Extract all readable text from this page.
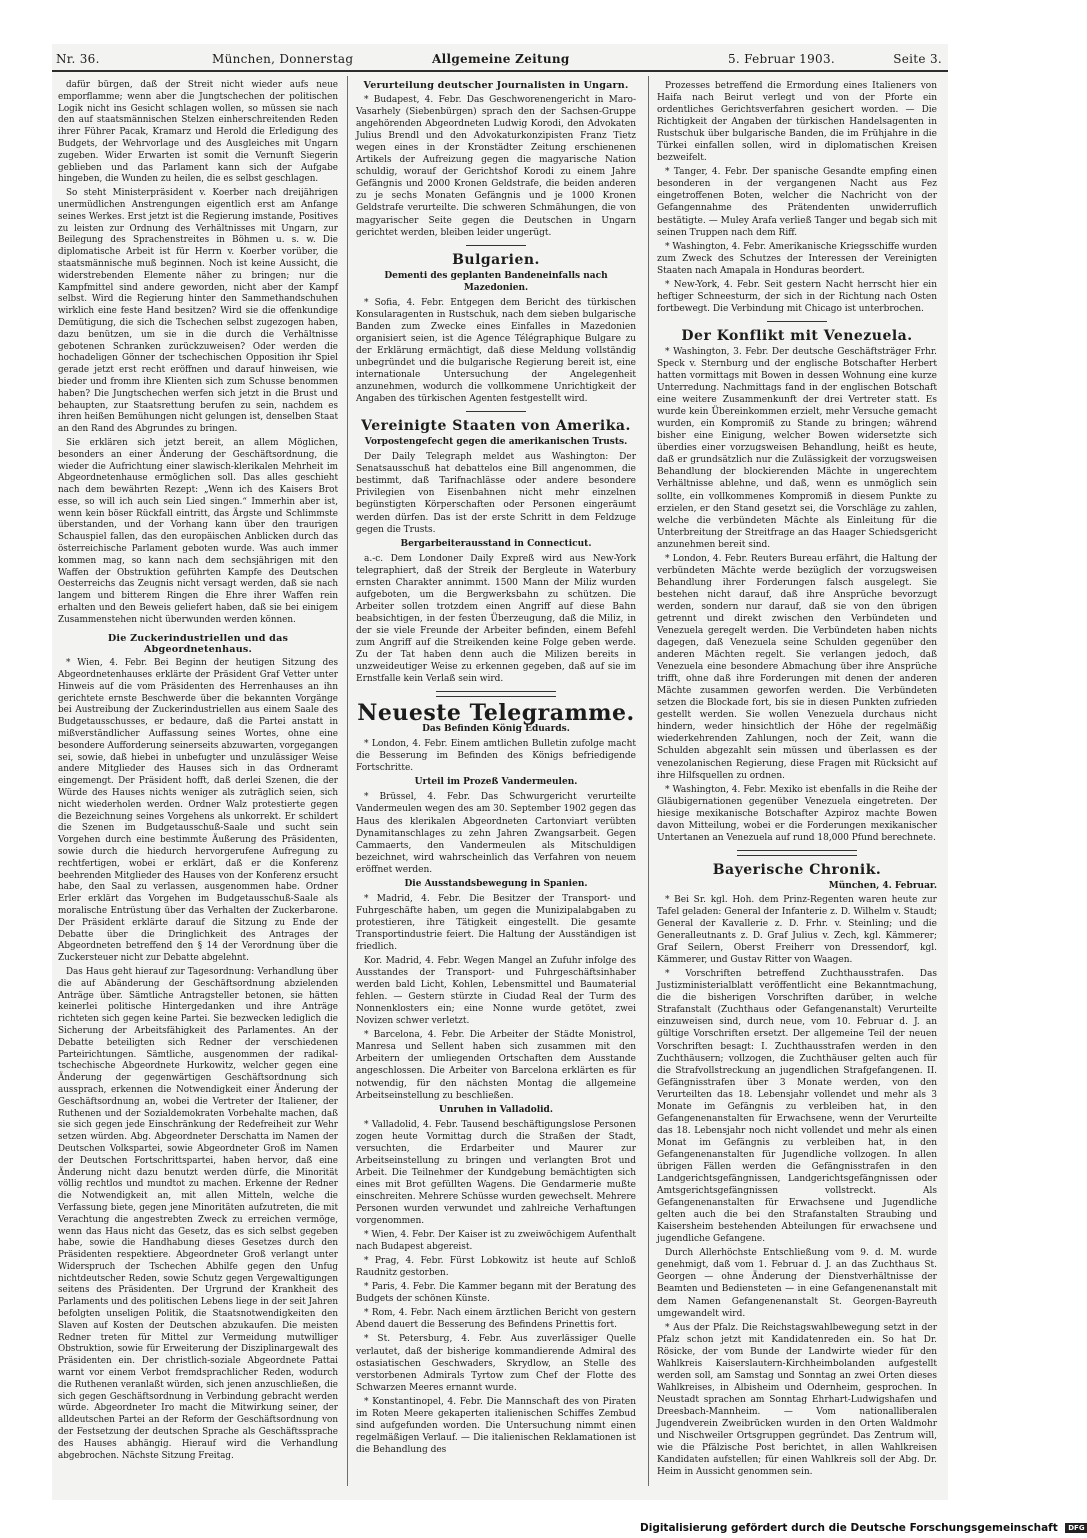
Nr. 36.	München, Donnerstag	Allgemeine Zeitung	5. Februar 1903.	Seite 3.

dafür bürgen, daß der Streit nicht wieder aufs neue emporflamme; wenn aber die Jungtschechen der politischen Logik nicht ins Gesicht schlagen wollen, so müssen sie nach den auf staatsmännischen Stelzen einherschreitenden Reden ihrer Führer Pacak, Kramarz und Herold die Erledigung des Budgets, der Wehrvorlage und des Ausgleiches mit Ungarn zugeben. Wider Erwarten ist somit die Vernunft Siegerin geblieben und das Parlament kann sich der Aufgabe hingeben, die Wunden zu heilen, die es selbst geschlagen.

So steht Ministerpräsident v. Koerber nach dreijährigen unermüdlichen Anstrengungen eigentlich erst am Anfange seines Werkes. Erst jetzt ist die Regierung imstande, Positives zu leisten zur Ordnung des Verhältnisses mit Ungarn, zur Beilegung des Sprachenstreites in Böhmen u. s. w. Die diplomatische Arbeit ist für Herrn v. Koerber vorüber, die staatsmännische muß beginnen. Noch ist keine Aussicht, die widerstrebenden Elemente näher zu bringen; nur die Kampfmittel sind andere geworden, nicht aber der Kampf selbst. Wird die Regierung hinter den Sammethandschuhen wirklich eine feste Hand besitzen? Wird sie die offenkundige Demütigung, die sich die Tschechen selbst zugezogen haben, dazu benützen, um sie in die durch die Verhältnisse gebotenen Schranken zurückzuweisen? Oder werden die hochadeligen Gönner der tschechischen Opposition ihr Spiel gerade jetzt erst recht eröffnen und darauf hinweisen, wie bieder und fromm ihre Klienten sich zum Schusse benommen haben? Die Jungtschechen werfen sich jetzt in die Brust und behaupten, zur Staatsrettung berufen zu sein, nachdem es ihren heißen Bemühungen nicht gelungen ist, denselben Staat an den Rand des Abgrundes zu bringen.

Sie erklären sich jetzt bereit, an allem Möglichen, besonders an einer Änderung der Geschäftsordnung, die wieder die Aufrichtung einer slawisch-klerikalen Mehrheit im Abgeordnetenhause ermöglichen soll. Das alles geschieht nach dem bewährten Rezept: „Wenn ich des Kaisers Brot esse, so will ich auch sein Lied singen.“ Immerhin aber ist, wenn kein böser Rückfall eintritt, das Ärgste und Schlimmste überstanden, und der Vorhang kann über den traurigen Schauspiel fallen, das den europäischen Anblicken durch das österreichische Parlament geboten wurde. Was auch immer kommen mag, so kann nach dem sechsjährigen mit den Waffen der Obstruktion geführten Kampfe des Deutschen Oesterreichs das Zeugnis nicht versagt werden, daß sie nach langem und bitterem Ringen die Ehre ihrer Waffen rein erhalten und den Beweis geliefert haben, daß sie bei einigem Zusammenstehen nicht überwunden werden können.

Die Zuckerindustriellen und das Abgeordnetenhaus.

* Wien, 4. Febr. Bei Beginn der heutigen Sitzung des Abgeordnetenhauses erklärte der Präsident Graf Vetter unter Hinweis auf die vom Präsidenten des Herrenhauses an ihn gerichtete ernste Beschwerde über die bekannten Vorgänge bei Austreibung der Zuckerindustriellen aus einem Saale des Budgetausschusses, er bedaure, daß die Partei anstatt in mißverständlicher Auffassung seines Wortes, ohne eine besondere Aufforderung seinerseits abzuwarten, vorgegangen sei, sowie, daß hiebei in unbefugter und unzulässiger Weise andere Mitglieder des Hauses sich in das Ordneramt eingemengt. Der Präsident hofft, daß derlei Szenen, die der Würde des Hauses nichts weniger als zuträglich seien, sich nicht wiederholen werden. Ordner Walz protestierte gegen die Bezeichnung seines Vorgehens als unkorrekt. Er schildert die Szenen im Budgetausschuß-Saale und sucht sein Vorgehen durch eine bestimmte Äußerung des Präsidenten, sowie durch die hiedurch hervorgerufene Aufregung zu rechtfertigen, wobei er erklärt, daß er die Konferenz beehrenden Mitglieder des Hauses von der Konferenz ersucht habe, den Saal zu verlassen, ausgenommen habe. Ordner Erler erklärt das Vorgehen im Budgetausschuß-Saale als moralische Entrüstung über das Verhalten der Zuckerbarone. Der Präsident erklärte darauf die Sitzung zu Ende der Debatte über die Dringlichkeit des Antrages der Abgeordneten betreffend den § 14 der Verordnung über die Zuckersteuer nicht zur Debatte abgelehnt.

Das Haus geht hierauf zur Tagesordnung: Verhandlung über die auf Abänderung der Geschäftsordnung abzielenden Anträge über. Sämtliche Antragsteller betonen, sie hätten keinerlei politische Hintergedanken und ihre Anträge richteten sich gegen keine Partei. Sie bezwecken lediglich die Sicherung der Arbeitsfähigkeit des Parlamentes. An der Debatte beteiligten sich Redner der verschiedenen Parteirichtungen. Sämtliche, ausgenommen der radikal-tschechische Abgeordnete Hurkowitz, welcher gegen eine Änderung der gegenwärtigen Geschäftsordnung sich aussprach, erkennen die Notwendigkeit einer Änderung der Geschäftsordnung an, wobei die Vertreter der Italiener, der Ruthenen und der Sozialdemokraten Vorbehalte machen, daß sie sich gegen jede Einschränkung der Redefreiheit zur Wehr setzen würden. Abg. Abgeordneter Derschatta im Namen der Deutschen Volkspartei, sowie Abgeordneter Groß im Namen der Deutschen Fortschrittspartei, haben hervor, daß eine Änderung nicht dazu benutzt werden dürfe, die Minorität völlig rechtlos und mundtot zu machen. Erkenne der Redner die Notwendigkeit an, mit allen Mitteln, welche die Verfassung biete, gegen jene Minoritäten aufzutreten, die mit Verachtung die angestrebten Zweck zu erreichen vermöge, wenn das Haus nicht das Gesetz, das es sich selbst gegeben habe, sowie die Handhabung dieses Gesetzes durch den Präsidenten respektiere. Abgeordneter Groß verlangt unter Widerspruch der Tschechen Abhilfe gegen den Unfug nichtdeutscher Reden, sowie Schutz gegen Vergewaltigungen seitens des Präsidenten. Der Urgrund der Krankheit des Parlaments und des politischen Lebens liege in der seit Jahren befolgten unseligen Politik, die Staatsnotwendigkeiten den Slaven auf Kosten der Deutschen abzukaufen. Die meisten Redner treten für Mittel zur Vermeidung mutwilliger Obstruktion, sowie für Erweiterung der Disziplinargewalt des Präsidenten ein. Der christlich-soziale Abgeordnete Pattai warnt vor einem Verbot fremdsprachlicher Reden, wodurch die Ruthenen veranlaßt würden, sich jenen anzuschließen, die sich gegen Geschäftsordnung in Verbindung gebracht werden würde. Abgeordneter Iro macht die Mitwirkung seiner, der alldeutschen Partei an der Reform der Geschäftsordnung von der Festsetzung der deutschen Sprache als Geschäftssprache des Hauses abhängig. Hierauf wird die Verhandlung abgebrochen. Nächste Sitzung Freitag.

Verurteilung deutscher Journalisten in Ungarn.

* Budapest, 4. Febr. Das Geschworenengericht in Maro-Vasarhely (Siebenbürgen) sprach den der Sachsen-Gruppe angehörenden Abgeordneten Ludwig Korodi, den Advokaten Julius Brendl und den Advokaturkonzipisten Franz Tietz wegen eines in der Kronstädter Zeitung erschienenen Artikels der Aufreizung gegen die magyarische Nation schuldig, worauf der Gerichtshof Korodi zu einem Jahre Gefängnis und 2000 Kronen Geldstrafe, die beiden anderen zu je sechs Monaten Gefängnis und je 1000 Kronen Geldstrafe verurteilte. Die schweren Schmähungen, die von magyarischer Seite gegen die Deutschen in Ungarn gerichtet werden, bleiben leider ungerügt.

Bulgarien.
Dementi des geplanten Bandeneinfalls nach Mazedonien.

* Sofia, 4. Febr. Entgegen dem Bericht des türkischen Konsularagenten in Rustschuk, nach dem sieben bulgarische Banden zum Zwecke eines Einfalles in Mazedonien organisiert seien, ist die Agence Télégraphique Bulgare zu der Erklärung ermächtigt, daß diese Meldung vollständig unbegründet und die bulgarische Regierung bereit ist, eine internationale Untersuchung der Angelegenheit anzunehmen, wodurch die vollkommene Unrichtigkeit der Angaben des türkischen Agenten festgestellt wird.

Vereinigte Staaten von Amerika.
Vorpostengefecht gegen die amerikanischen Trusts.

Der Daily Telegraph meldet aus Washington: Der Senatsausschuß hat debattelos eine Bill angenommen, die bestimmt, daß Tarifnachlässe oder andere besondere Privilegien von Eisenbahnen nicht mehr einzelnen begünstigten Körperschaften oder Personen eingeräumt werden dürfen. Das ist der erste Schritt in dem Feldzuge gegen die Trusts.

Bergarbeiterausstand in Connecticut.

a.-c. Dem Londoner Daily Expreß wird aus New-York telegraphiert, daß der Streik der Bergleute in Waterbury ernsten Charakter annimmt. 1500 Mann der Miliz wurden aufgeboten, um die Bergwerksbahn zu schützen. Die Arbeiter sollen trotzdem einen Angriff auf diese Bahn beabsichtigen, in der festen Überzeugung, daß die Miliz, in der sie viele Freunde der Arbeiter befinden, einem Befehl zum Angriff auf die Streikenden keine Folge geben werde. Zu der Tat haben denn auch die Milizen bereits in unzweideutiger Weise zu erkennen gegeben, daß auf sie im Ernstfalle kein Verlaß sein wird.

Neueste Telegramme.
Das Befinden König Eduards.

* London, 4. Febr. Einem amtlichen Bulletin zufolge macht die Besserung im Befinden des Königs befriedigende Fortschritte.

Urteil im Prozeß Vandermeulen.

* Brüssel, 4. Febr. Das Schwurgericht verurteilte Vandermeulen wegen des am 30. September 1902 gegen das Haus des klerikalen Abgeordneten Cartonviart verübten Dynamitanschlages zu zehn Jahren Zwangsarbeit. Gegen Cammaerts, den Vandermeulen als Mitschuldigen bezeichnet, wird wahrscheinlich das Verfahren von neuem eröffnet werden.

Die Ausstandsbewegung in Spanien.

* Madrid, 4. Febr. Die Besitzer der Transport- und Fuhrgeschäfte haben, um gegen die Munizipalabgaben zu protestieren, ihre Tätigkeit eingestellt. Die gesamte Transportindustrie feiert. Die Haltung der Ausständigen ist friedlich.

Kor. Madrid, 4. Febr. Wegen Mangel an Zufuhr infolge des Ausstandes der Transport- und Fuhrgeschäftsinhaber werden bald Licht, Kohlen, Lebensmittel und Baumaterial fehlen. — Gestern stürzte in Ciudad Real der Turm des Nonnenklosters ein; eine Nonne wurde getötet, zwei Novizen schwer verletzt.

* Barcelona, 4. Febr. Die Arbeiter der Städte Monistrol, Manresa und Sellent haben sich zusammen mit den Arbeitern der umliegenden Ortschaften dem Ausstande angeschlossen. Die Arbeiter von Barcelona erklärten es für notwendig, für den nächsten Montag die allgemeine Arbeitseinstellung zu beschließen.

Unruhen in Valladolid.

* Valladolid, 4. Febr. Tausend beschäftigungslose Personen zogen heute Vormittag durch die Straßen der Stadt, versuchten, die Erdarbeiter und Maurer zur Arbeitseinstellung zu bringen und verlangten Brot und Arbeit. Die Teilnehmer der Kundgebung bemächtigten sich eines mit Brot gefüllten Wagens. Die Gendarmerie mußte einschreiten. Mehrere Schüsse wurden gewechselt. Mehrere Personen wurden verwundet und zahlreiche Verhaftungen vorgenommen.

* Wien, 4. Febr. Der Kaiser ist zu zweiwöchigem Aufenthalt nach Budapest abgereist.

* Prag, 4. Febr. Fürst Lobkowitz ist heute auf Schloß Raudnitz gestorben.

* Paris, 4. Febr. Die Kammer begann mit der Beratung des Budgets der schönen Künste.

* Rom, 4. Febr. Nach einem ärztlichen Bericht von gestern Abend dauert die Besserung des Befindens Prinettis fort.

* St. Petersburg, 4. Febr. Aus zuverlässiger Quelle verlautet, daß der bisherige kommandierende Admiral des ostasiatischen Geschwaders, Skrydlow, an Stelle des verstorbenen Admirals Tyrtow zum Chef der Flotte des Schwarzen Meeres ernannt wurde.

* Konstantinopel, 4. Febr. Die Mannschaft des von Piraten im Roten Meere gekaperten italienischen Schiffes Zembud sind aufgefunden worden. Die Untersuchung nimmt einen regelmäßigen Verlauf. — Die italienischen Reklamationen ist die Behandlung des

Prozesses betreffend die Ermordung eines Italieners von Haifa nach Beirut verlegt und von der Pforte ein ordentliches Gerichtsverfahren gesichert worden. — Die Richtigkeit der Angaben der türkischen Handelsagenten in Rustschuk über bulgarische Banden, die im Frühjahre in die Türkei einfallen sollen, wird in diplomatischen Kreisen bezweifelt.

* Tanger, 4. Febr. Der spanische Gesandte empfing einen besonderen in der vergangenen Nacht aus Fez eingetroffenen Boten, welcher die Nachricht von der Gefangennahme des Prätendenten unwiderruflich bestätigte. — Muley Arafa verließ Tanger und begab sich mit seinen Truppen nach dem Riff.

* Washington, 4. Febr. Amerikanische Kriegsschiffe wurden zum Zweck des Schutzes der Interessen der Vereinigten Staaten nach Amapala in Honduras beordert.

* New-York, 4. Febr. Seit gestern Nacht herrscht hier ein heftiger Schneesturm, der sich in der Richtung nach Osten fortbewegt. Die Verbindung mit Chicago ist unterbrochen.

Der Konflikt mit Venezuela.

* Washington, 3. Febr. Der deutsche Geschäftsträger Frhr. Speck v. Sternburg und der englische Botschafter Herbert hatten vormittags mit Bowen in dessen Wohnung eine kurze Unterredung. Nachmittags fand in der englischen Botschaft eine weitere Zusammenkunft der drei Vertreter statt. Es wurde kein Übereinkommen erzielt, mehr Versuche gemacht wurden, ein Kompromiß zu Stande zu bringen; während bisher eine Einigung, welcher Bowen widersetzte sich überdies einer vorzugsweisen Behandlung, heißt es heute, daß er grundsätzlich nur die Zulässigkeit der vorzugsweisen Behandlung der blockierenden Mächte in ungerechtem Verhältnisse ablehne, und daß, wenn es unmöglich sein sollte, ein vollkommenes Kompromiß in diesem Punkte zu erzielen, er den Stand gesetzt sei, die Vorschläge zu zahlen, welche die verbündeten Mächte als Einleitung für die Unterbreitung der Streitfrage an das Haager Schiedsgericht anzunehmen bereit sind.

* London, 4. Febr. Reuters Bureau erfährt, die Haltung der verbündeten Mächte werde bezüglich der vorzugsweisen Behandlung ihrer Forderungen falsch ausgelegt. Sie bestehen nicht darauf, daß ihre Ansprüche bevorzugt werden, sondern nur darauf, daß sie von den übrigen getrennt und direkt zwischen den Verbündeten und Venezuela geregelt werden. Die Verbündeten haben nichts dagegen, daß Venezuela seine Schulden gegenüber den anderen Mächten regelt. Sie verlangen jedoch, daß Venezuela eine besondere Abmachung über ihre Ansprüche trifft, ohne daß ihre Forderungen mit denen der anderen Mächte zusammen geworfen werden. Die Verbündeten setzen die Blockade fort, bis sie in diesen Punkten zufrieden gestellt werden. Sie wollen Venezuela durchaus nicht hindern, weder hinsichtlich der Höhe der regelmäßig wiederkehrenden Zahlungen, noch der Zeit, wann die Schulden abgezahlt sein müssen und überlassen es der venezolanischen Regierung, diese Fragen mit Rücksicht auf ihre Hilfsquellen zu ordnen.

* Washington, 4. Febr. Mexiko ist ebenfalls in die Reihe der Gläubigernationen gegenüber Venezuela eingetreten. Der hiesige mexikanische Botschafter Azpiroz machte Bowen davon Mitteilung, wobei er die Forderungen mexikanischer Untertanen an Venezuela auf rund 18,000 Pfund berechnete.

Bayerische Chronik.
München, 4. Februar.

* Bei Sr. kgl. Hoh. dem Prinz-Regenten waren heute zur Tafel geladen: General der Infanterie z. D. Wilhelm v. Staudt; General der Kavallerie z. D. Frhr. v. Steinling; und die Generalleutnants z. D. Graf Julius v. Zech, kgl. Kämmerer; Graf Seilern, Oberst Freiherr von Dressendorf, kgl. Kämmerer, und Gustav Ritter von Waagen.

* Vorschriften betreffend Zuchthausstrafen. Das Justizministerialblatt veröffentlicht eine Bekanntmachung, die die bisherigen Vorschriften darüber, in welche Strafanstalt (Zuchthaus oder Gefangenanstalt) Verurteilte einzuweisen sind, durch neue, vom 10. Februar d. J. an gültige Vorschriften ersetzt. Der allgemeine Teil der neuen Vorschriften besagt: I. Zuchthausstrafen werden in den Zuchthäusern; vollzogen, die Zuchthäuser gelten auch für die Strafvollstreckung an jugendlichen Strafgefangenen. II. Gefängnisstrafen über 3 Monate werden, von den Verurteilten das 18. Lebensjahr vollendet und mehr als 3 Monate im Gefängnis zu verbleiben hat, in den Gefangenenanstalten für Erwachsene, wenn der Verurteilte das 18. Lebensjahr noch nicht vollendet und mehr als einen Monat im Gefängnis zu verbleiben hat, in den Gefangenenanstalten für Jugendliche vollzogen. In allen übrigen Fällen werden die Gefängnisstrafen in den Landgerichtsgefängnissen, Landgerichtsgefängnissen oder Amtsgerichtsgefängnissen vollstreckt. Als Gefangenenanstalten für Erwachsene und Jugendliche gelten auch die bei den Strafanstalten Straubing und Kaisersheim bestehenden Abteilungen für erwachsene und jugendliche Gefangene.

Durch Allerhöchste Entschließung vom 9. d. M. wurde genehmigt, daß vom 1. Februar d. J. an das Zuchthaus St. Georgen — ohne Änderung der Dienstverhältnisse der Beamten und Bediensteten — in eine Gefangenenanstalt mit dem Namen Gefangenenanstalt St. Georgen-Bayreuth umgewandelt wird.

* Aus der Pfalz. Die Reichstagswahlbewegung setzt in der Pfalz schon jetzt mit Kandidatenreden ein. So hat Dr. Rösicke, der vom Bunde der Landwirte wieder für den Wahlkreis Kaiserslautern-Kirchheimbolanden aufgestellt werden soll, am Samstag und Sonntag an zwei Orten dieses Wahlkreises, in Albisheim und Odernheim, gesprochen. In Neustadt sprachen am Sonntag Ehrhart-Ludwigshafen und Dreesbach-Mannheim. — Vom nationalliberalen Jugendverein Zweibrücken wurden in den Orten Waldmohr und Nischweiler Ortsgruppen gegründet. Das Zentrum will, wie die Pfälzische Post berichtet, in allen Wahlkreisen Kandidaten aufstellen; für einen Wahlkreis soll der Abg. Dr. Heim in Aussicht genommen sein.

Digitalisierung gefördert durch die Deutsche Forschungsgemeinschaft DFG
